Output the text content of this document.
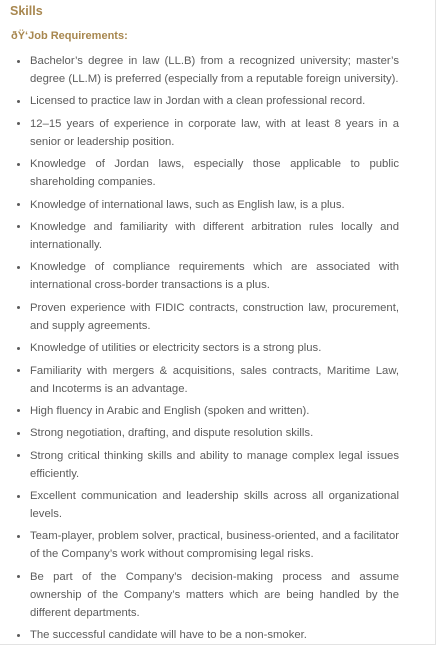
Skills

ðŸ‘Job Requirements:

Bachelor’s degree in law (LL.B) from a recognized university; master’s degree (LL.M) is preferred (especially from a reputable foreign university).
Licensed to practice law in Jordan with a clean professional record.
12–15 years of experience in corporate law, with at least 8 years in a senior or leadership position.
Knowledge of Jordan laws, especially those applicable to public shareholding companies.
Knowledge of international laws, such as English law, is a plus.
Knowledge and familiarity with different arbitration rules locally and internationally.
Knowledge of compliance requirements which are associated with international cross-border transactions is a plus.
Proven experience with FIDIC contracts, construction law, procurement, and supply agreements.
Knowledge of utilities or electricity sectors is a strong plus.
Familiarity with mergers & acquisitions, sales contracts, Maritime Law, and Incoterms is an advantage.
High fluency in Arabic and English (spoken and written).
Strong negotiation, drafting, and dispute resolution skills.
Strong critical thinking skills and ability to manage complex legal issues efficiently.
Excellent communication and leadership skills across all organizational levels.
Team-player, problem solver, practical, business-oriented, and a facilitator of the Company’s work without compromising legal risks.
Be part of the Company’s decision-making process and assume ownership of the Company’s matters which are being handled by the different departments.
The successful candidate will have to be a non-smoker.
